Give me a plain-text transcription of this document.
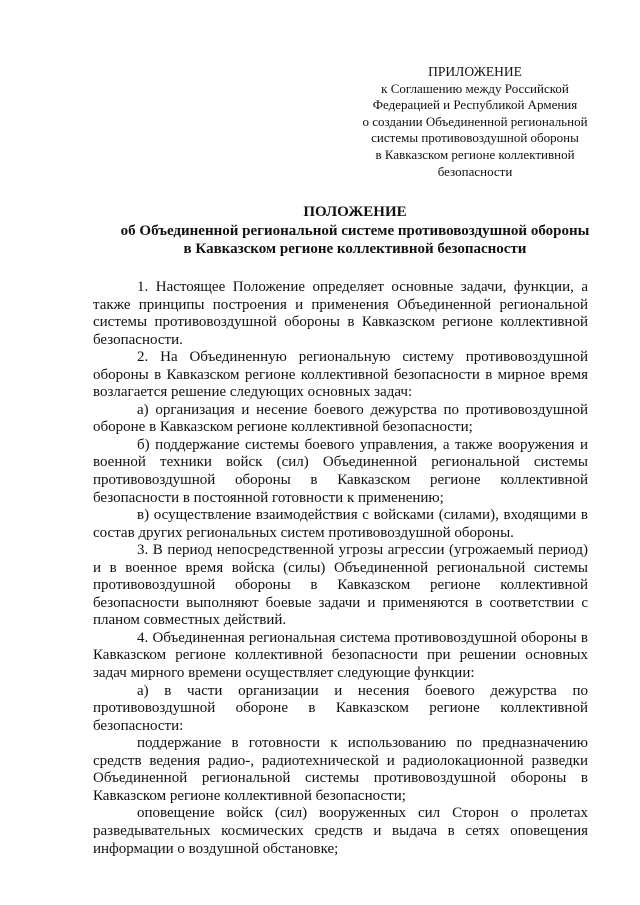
ПРИЛОЖЕНИЕ
к Соглашению между Российской
Федерацией и Республикой Армения
о создании Объединенной региональной
системы противовоздушной обороны
в Кавказском регионе коллективной
безопасности
ПОЛОЖЕНИЕ
об Объединенной региональной системе противовоздушной обороны
в Кавказском регионе коллективной безопасности

1. Настоящее Положение определяет основные задачи, функции, а также принципы построения и применения Объединенной региональной системы противовоздушной обороны в Кавказском регионе коллективной безопасности.

2. На Объединенную региональную систему противовоздушной обороны в Кавказском регионе коллективной безопасности в мирное время возлагается решение следующих основных задач:

а) организация и несение боевого дежурства по противовоздушной обороне в Кавказском регионе коллективной безопасности;

б) поддержание системы боевого управления, а также вооружения и военной техники войск (сил) Объединенной региональной системы противовоздушной обороны в Кавказском регионе коллективной безопасности в постоянной готовности к применению;

в) осуществление взаимодействия с войсками (силами), входящими в состав других региональных систем противовоздушной обороны.

3. В период непосредственной угрозы агрессии (угрожаемый период) и в военное время войска (силы) Объединенной региональной системы противовоздушной обороны в Кавказском регионе коллективной безопасности выполняют боевые задачи и применяются в соответствии с планом совместных действий.

4. Объединенная региональная система противовоздушной обороны в Кавказском регионе коллективной безопасности при решении основных задач мирного времени осуществляет следующие функции:

а) в части организации и несения боевого дежурства по противовоздушной обороне в Кавказском регионе коллективной безопасности:

поддержание в готовности к использованию по предназначению средств ведения радио-, радиотехнической и радиолокационной разведки Объединенной региональной системы противовоздушной обороны в Кавказском регионе коллективной безопасности;

оповещение войск (сил) вооруженных сил Сторон о пролетах разведывательных космических средств и выдача в сетях оповещения информации о воздушной обстановке;
